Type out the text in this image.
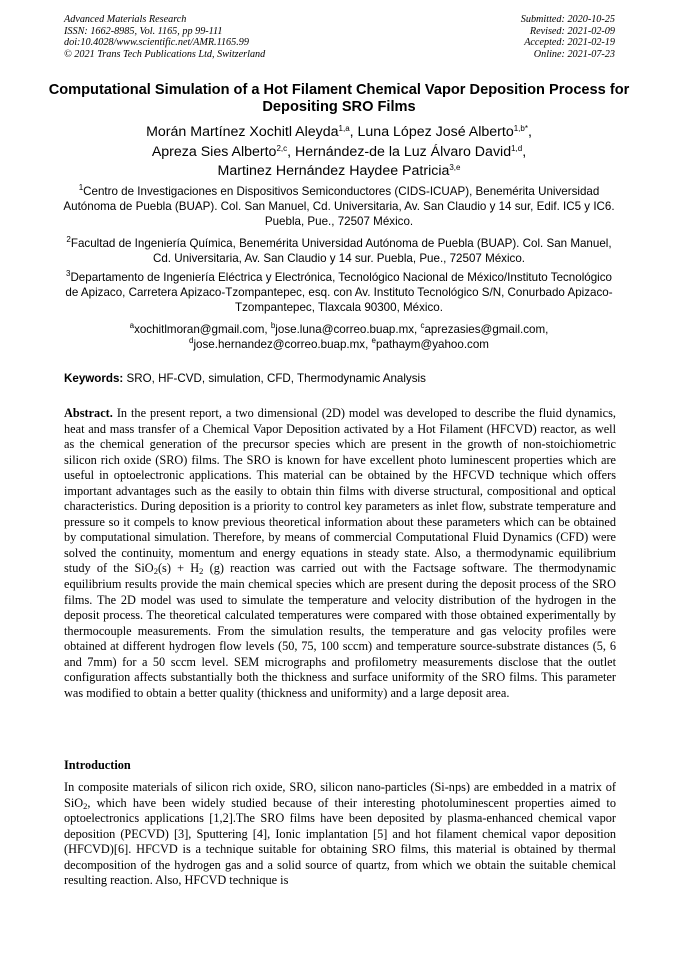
Advanced Materials Research
ISSN: 1662-8985, Vol. 1165, pp 99-111
doi:10.4028/www.scientific.net/AMR.1165.99
© 2021 Trans Tech Publications Ltd, Switzerland
Submitted: 2020-10-25
Revised: 2021-02-09
Accepted: 2021-02-19
Online: 2021-07-23
Computational Simulation of a Hot Filament Chemical Vapor Deposition Process for Depositing SRO Films
Morán Martínez Xochitl Aleyda$^{1,a}$, Luna López José Alberto$^{1,b*}$,
Apreza Sies Alberto$^{2,c}$, Hernández-de la Luz Álvaro David$^{1,d}$,
Martinez Hernández Haydee Patricia$^{3,e}$
$^1$Centro de Investigaciones en Dispositivos Semiconductores (CIDS-ICUAP), Benemérita Universidad Autónoma de Puebla (BUAP). Col. San Manuel, Cd. Universitaria, Av. San Claudio y 14 sur, Edif. IC5 y IC6. Puebla, Pue., 72507 México.
$^2$Facultad de Ingeniería Química, Benemérita Universidad Autónoma de Puebla (BUAP). Col. San Manuel, Cd. Universitaria, Av. San Claudio y 14 sur. Puebla, Pue., 72507 México.
$^3$Departamento de Ingeniería Eléctrica y Electrónica, Tecnológico Nacional de México/Instituto Tecnológico de Apizaco, Carretera Apizaco-Tzompantepec, esq. con Av. Instituto Tecnológico S/N, Conurbado Apizaco-Tzompantepec, Tlaxcala 90300, México.
$^a$xochitlmoran@gmail.com, $^b$jose.luna@correo.buap.mx, $^c$aprezasies@gmail.com,
$^d$jose.hernandez@correo.buap.mx, $^e$pathaym@yahoo.com
Keywords: SRO, HF-CVD, simulation, CFD, Thermodynamic Analysis

Abstract. In the present report, a two dimensional (2D) model was developed to describe the fluid dynamics, heat and mass transfer of a Chemical Vapor Deposition activated by a Hot Filament (HFCVD) reactor, as well as the chemical generation of the precursor species which are present in the growth of non-stoichiometric silicon rich oxide (SRO) films. The SRO is known for have excellent photo luminescent properties which are useful in optoelectronic applications. This material can be obtained by the HFCVD technique which offers important advantages such as the easily to obtain thin films with diverse structural, compositional and optical characteristics. During deposition is a priority to control key parameters as inlet flow, substrate temperature and pressure so it compels to know previous theoretical information about these parameters which can be obtained by computational simulation. Therefore, by means of commercial Computational Fluid Dynamics (CFD) were solved the continuity, momentum and energy equations in steady state. Also, a thermodynamic equilibrium study of the $SiO_2(s) + H_2$ (g) reaction was carried out with the Factsage software. The thermodynamic equilibrium results provide the main chemical species which are present during the deposit process of the SRO films. The 2D model was used to simulate the temperature and velocity distribution of the hydrogen in the deposit process. The theoretical calculated temperatures were compared with those obtained experimentally by thermocouple measurements. From the simulation results, the temperature and gas velocity profiles were obtained at different hydrogen flow levels (50, 75, 100 sccm) and temperature source-substrate distances (5, 6 and 7mm) for a 50 sccm level. SEM micrographs and profilometry measurements disclose that the outlet configuration affects substantially both the thickness and surface uniformity of the SRO films. This parameter was modified to obtain a better quality (thickness and uniformity) and a large deposit area.

Introduction

In composite materials of silicon rich oxide, SRO, silicon nano-particles (Si-nps) are embedded in a matrix of SiO$_2$, which have been widely studied because of their interesting photoluminescent properties aimed to optoelectronics applications [1,2].The SRO films have been deposited by plasma-enhanced chemical vapor deposition (PECVD) [3], Sputtering [4], Ionic implantation [5] and hot filament chemical vapor deposition (HFCVD)[6]. HFCVD is a technique suitable for obtaining SRO films, this material is obtained by thermal decomposition of the hydrogen gas and a solid source of quartz, from which we obtain the suitable chemical resulting reaction. Also, HFCVD technique is
